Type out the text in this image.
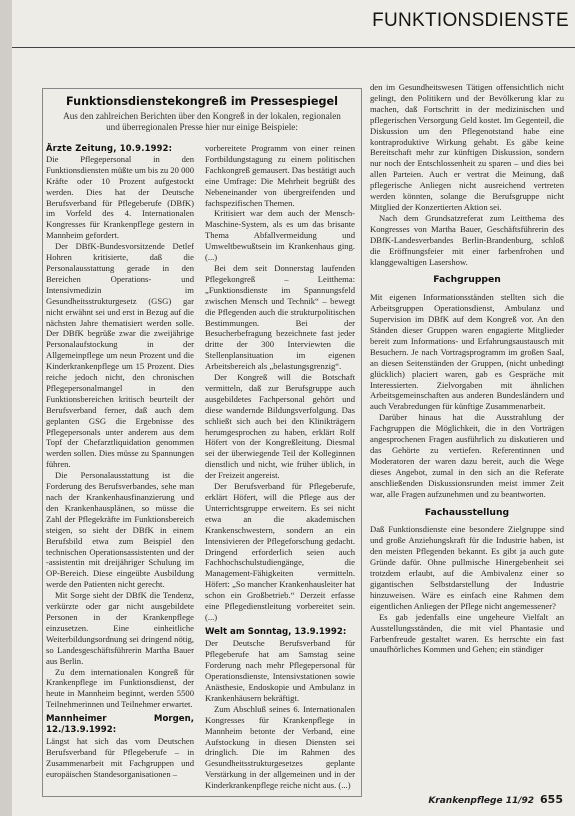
FUNKTIONSDIENSTE
Funktionsdienstekongreß im Pressespiegel

Aus den zahlreichen Berichten über den Kongreß in der lokalen, regionalen und überregionalen Presse hier nur einige Beispiele:

Ärzte Zeitung, 10.9.1992:

Die Pflegepersonal in den Funktionsdiensten müßte um bis zu 20 000 Kräfte oder 10 Prozent aufgestockt werden. Dies hat der Deutsche Berufsverband für Pflegeberufe (DBfK) im Vorfeld des 4. Internationalen Kongresses für Krankenpflege gestern in Mannheim gefordert.

Der DBfK-Bundesvorsitzende Detlef Hohren kritisierte, daß die Personalausstattung gerade in den Bereichen Operations- und Intensivmedizin im Gesundheitsstrukturgesetz (GSG) gar nicht erwähnt sei und erst in Bezug auf die nächsten Jahre thematisiert werden solle. Der DBfK begrüße zwar die zweijährige Personalaufstockung in der Allgemeinpflege um neun Prozent und die Kinderkrankenpflege um 15 Prozent. Dies reiche jedoch nicht, den chronischen Pflegepersonalmangel in den Funktionsbereichen kritisch beurteilt der Berufsverband ferner, daß auch dem geplanten GSG die Ergebnisse des Pflegepersonals unter anderem aus dem Topf der Chefarztliquidation genommen werden sollen. Dies müsse zu Spannungen führen.

Die Personalausstattung ist die Forderung des Berufsverbandes, sehe man nach der Krankenhausfinanzierung und den Krankenhausplänen, so müsse die Zahl der Pflegekräfte im Funktionsbereich steigen, so sieht der DBfK in einem Berufsbild etwa zum Beispiel den technischen Operationsassistenten und der -assistentin mit dreijähriger Schulung im OP-Bereich. Diese eingeübte Ausbildung werde den Patienten nicht gerecht.

Mit Sorge sieht der DBfK die Tendenz, verkürzte oder gar nicht ausgebildete Personen in der Krankenpflege einzusetzen. Eine einheitliche Weiterbildungsordnung sei dringend nötig, so Landesgeschäftsführerin Martha Bauer aus Berlin.

Zu dem internationalen Kongreß für Krankenpflege im Funktionsdienst, der heute in Mannheim beginnt, werden 5500 Teilnehmerinnen und Teilnehmer erwartet.

Mannheimer Morgen, 12./13.9.1992:

Längst hat sich das vom Deutschen Berufsverband für Pflegeberufe – in Zusammenarbeit mit Fachgruppen und europäischen Standesorganisationen –

vorbereitete Programm von einer reinen Fortbildungstagung zu einem politischen Fachkongreß gemausert. Das bestätigt auch eine Umfrage: Die Mehrheit begrüßt des Nebeneinander von übergreifenden und fachspezifischen Themen.

Kritisiert war dem auch der Mensch-Maschine-System, als es um das brisante Thema Abfallvermeidung und Umweltbewußtsein im Krankenhaus ging. (...)

Bei dem seit Donnerstag laufenden Pflegekongreß – Leitthema: „Funktionsdienste im Spannungsfeld zwischen Mensch und Technik“ – bewegt die Pflegenden auch die strukturpolitischen Bestimmungen. Bei der Besucherbefragung bezeichnete fast jeder dritte der 300 Interviewten die Stellenplansituation im eigenen Arbeitsbereich als „belastungsgrenzig“.

Der Kongreß will die Botschaft vermitteln, daß zur Berufsgruppe auch ausgebildetes Fachpersonal gehört und diese wandernde Bildungsverfolgung. Das schließt sich auch bei den Klinikträgern herumgesprochen zu haben, erklärt Rolf Höfert von der Kongreßleitung. Diesmal sei der überwiegende Teil der Kolleginnen dienstlich und nicht, wie früher üblich, in der Freizeit angereist.

Der Berufsverband für Pflegeberufe, erklärt Höfert, will die Pflege aus der Unterrichtsgruppe erweitern. Es sei nicht etwa an die akademischen Krankenschwestern, sondern an ein Intensivieren der Pflegeforschung gedacht. Dringend erforderlich seien auch Fachhochschulstudiengänge, die Management-Fähigkeiten vermitteln. Höfert: „So mancher Krankenhausleiter hat schon ein Großbetrieb.“ Derzeit erfasse eine Pflegedienstleitung vorbereitet sein. (...)

Welt am Sonntag, 13.9.1992:

Der Deutsche Berufsverband für Pflegeberufe hat am Samstag seine Forderung nach mehr Pflegepersonal für Operationsdienste, Intensivstationen sowie Anästhesie, Endoskopie und Ambulanz in Krankenhäusern bekräftigt.

Zum Abschluß seines 6. Internationalen Kongresses für Krankenpflege in Mannheim betonte der Verband, eine Aufstockung in diesen Diensten sei dringlich. Die im Rahmen des Gesundheitsstrukturgesetzes geplante Verstärkung in der allgemeinen und in der Kinderkrankenpflege reiche nicht aus. (...)

den im Gesundheitswesen Tätigen offensichtlich nicht gelingt, den Politikern und der Bevölkerung klar zu machen, daß Fortschritt in der medizinischen und pflegerischen Versorgung Geld kostet. Im Gegenteil, die Diskussion um den Pflegenotstand habe eine kontraproduktive Wirkung gehabt. Es gäbe keine Bereitschaft mehr zur künftigen Diskussion, sondern nur noch der Entschlossenheit zu sparen – und dies bei allen Parteien. Auch er vertrat die Meinung, daß pflegerische Anliegen nicht ausreichend vertreten werden könnten, solange die Berufsgruppe nicht Mitglied der Konzertierten Aktion sei.

Nach dem Grundsatzreferat zum Leitthema des Kongresses von Martha Bauer, Geschäftsführerin des DBfK-Landesverbandes Berlin-Brandenburg, schloß die Eröffnungsfeier mit einer farbenfrohen und klanggewaltigen Lasershow.

Fachgruppen

Mit eigenen Informationsständen stellten sich die Arbeitsgruppen Operationsdienst, Ambulanz und Supervision im DBfK auf dem Kongreß vor. An den Ständen dieser Gruppen waren engagierte Mitglieder bereit zum Informations- und Erfahrungsaustausch mit Besuchern. Je nach Vortragsprogramm im großen Saal, an diesen Seitenständen der Gruppen, (nicht unbedingt glücklich) placiert waren, gab es Gespräche mit Interessierten. Zielvorgaben mit ähnlichen Arbeitsgemeinschaften aus anderen Bundesländern und auch Verabredungen für künftige Zusammenarbeit.

Darüber hinaus hat die Ausstrahlung der Fachgruppen die Möglichkeit, die in den Vorträgen angesprochenen Fragen ausführlich zu diskutieren und das Gehörte zu vertiefen. Referentinnen und Moderatoren der waren dazu bereit, auch die Wege dieses Angebot, zumal in den sich an die Referate anschließenden Diskussionsrunden meist immer Zeit war, alle Fragen aufzunehmen und zu beantworten.

Fachausstellung

Daß Funktionsdienste eine besondere Zielgruppe sind und große Anziehungskraft für die Industrie haben, ist den meisten Pflegenden bekannt. Es gibt ja auch gute Gründe dafür. Ohne pullmische Hinergebenheit sei trotzdem erlaubt, auf die Ambivalenz einer so gigantischen Selbstdarstellung der Industrie hinzuweisen. Wäre es einfach eine Rahmen dem eigentlichen Anliegen der Pflege nicht angemessener?

Es gab jedenfalls eine ungeheure Vielfalt an Ausstellungsständen, die mit viel Phantasie und Farbenfreude gestaltet waren. Es herrschte ein fast unaufhörliches Kommen und Gehen; ein ständiger

Krankenpflege 11/92 655
